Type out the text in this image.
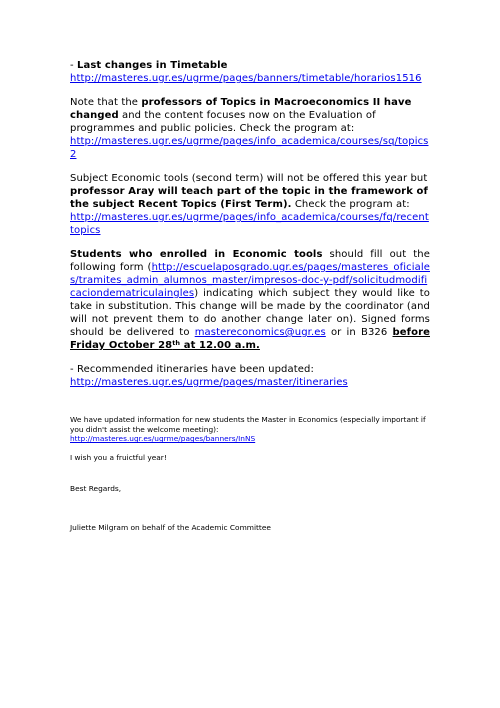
- Last changes in Timetable

http://masteres.ugr.es/ugrme/pages/banners/timetable/horarios1516

Note that the professors of Topics in Macroeconomics II have changed and the content focuses now on the Evaluation of programmes and public policies. Check the program at:

http://masteres.ugr.es/ugrme/pages/info_academica/courses/sq/topics2

Subject Economic tools (second term) will not be offered this year but professor Aray will teach part of the topic in the framework of the subject Recent Topics (First Term). Check the program at:

http://masteres.ugr.es/ugrme/pages/info_academica/courses/fq/recenttopics

Students who enrolled in Economic tools should fill out the following form (http://escuelaposgrado.ugr.es/pages/masteres_oficiales/tramites_admin_alumnos_master/impresos-doc-y-pdf/solicitudmodificaciondematriculaingles) indicating which subject they would like to take in substitution. This change will be made by the coordinator (and will not prevent them to do another change later on). Signed forms should be delivered to mastereconomics@ugr.es or in B326 before Friday October 28th at 12.00 a.m.

- Recommended itineraries have been updated:

http://masteres.ugr.es/ugrme/pages/master/itineraries

We have updated information for new students the Master in Economics (especially important if you didn't assist the welcome meeting):

http://masteres.ugr.es/ugrme/pages/banners/InNS

I wish you a fruictful year!

Best Regards,

Juliette Milgram on behalf of the Academic Committee
